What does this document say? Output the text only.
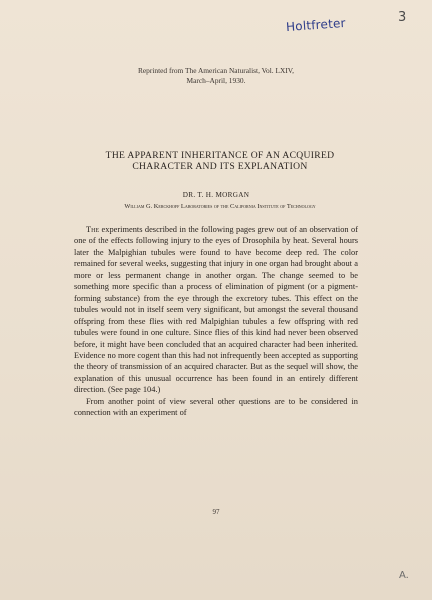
Holtfreter	3
Reprinted from The American Naturalist, Vol. LXIV,
March–April, 1930.
THE APPARENT INHERITANCE OF AN ACQUIRED CHARACTER AND ITS EXPLANATION
DR. T. H. MORGAN
William G. Kerckhoff Laboratories of the California Institute of Technology

The experiments described in the following pages grew out of an observation of one of the effects following injury to the eyes of Drosophila by heat. Several hours later the Malpighian tubules were found to have become deep red. The color remained for several weeks, suggesting that injury in one organ had brought about a more or less permanent change in another organ. The change seemed to be something more specific than a process of elimination of pigment (or a pigment-forming substance) from the eye through the excretory tubes. This effect on the tubules would not in itself seem very significant, but amongst the several thousand offspring from these flies with red Malpighian tubules a few offspring with red tubules were found in one culture. Since flies of this kind had never been observed before, it might have been concluded that an acquired character had been inherited. Evidence no more cogent than this had not infrequently been accepted as supporting the theory of transmission of an acquired character. But as the sequel will show, the explanation of this unusual occurrence has been found in an entirely different direction. (See page 104.)

From another point of view several other questions are to be considered in connection with an experiment of

97
A.
